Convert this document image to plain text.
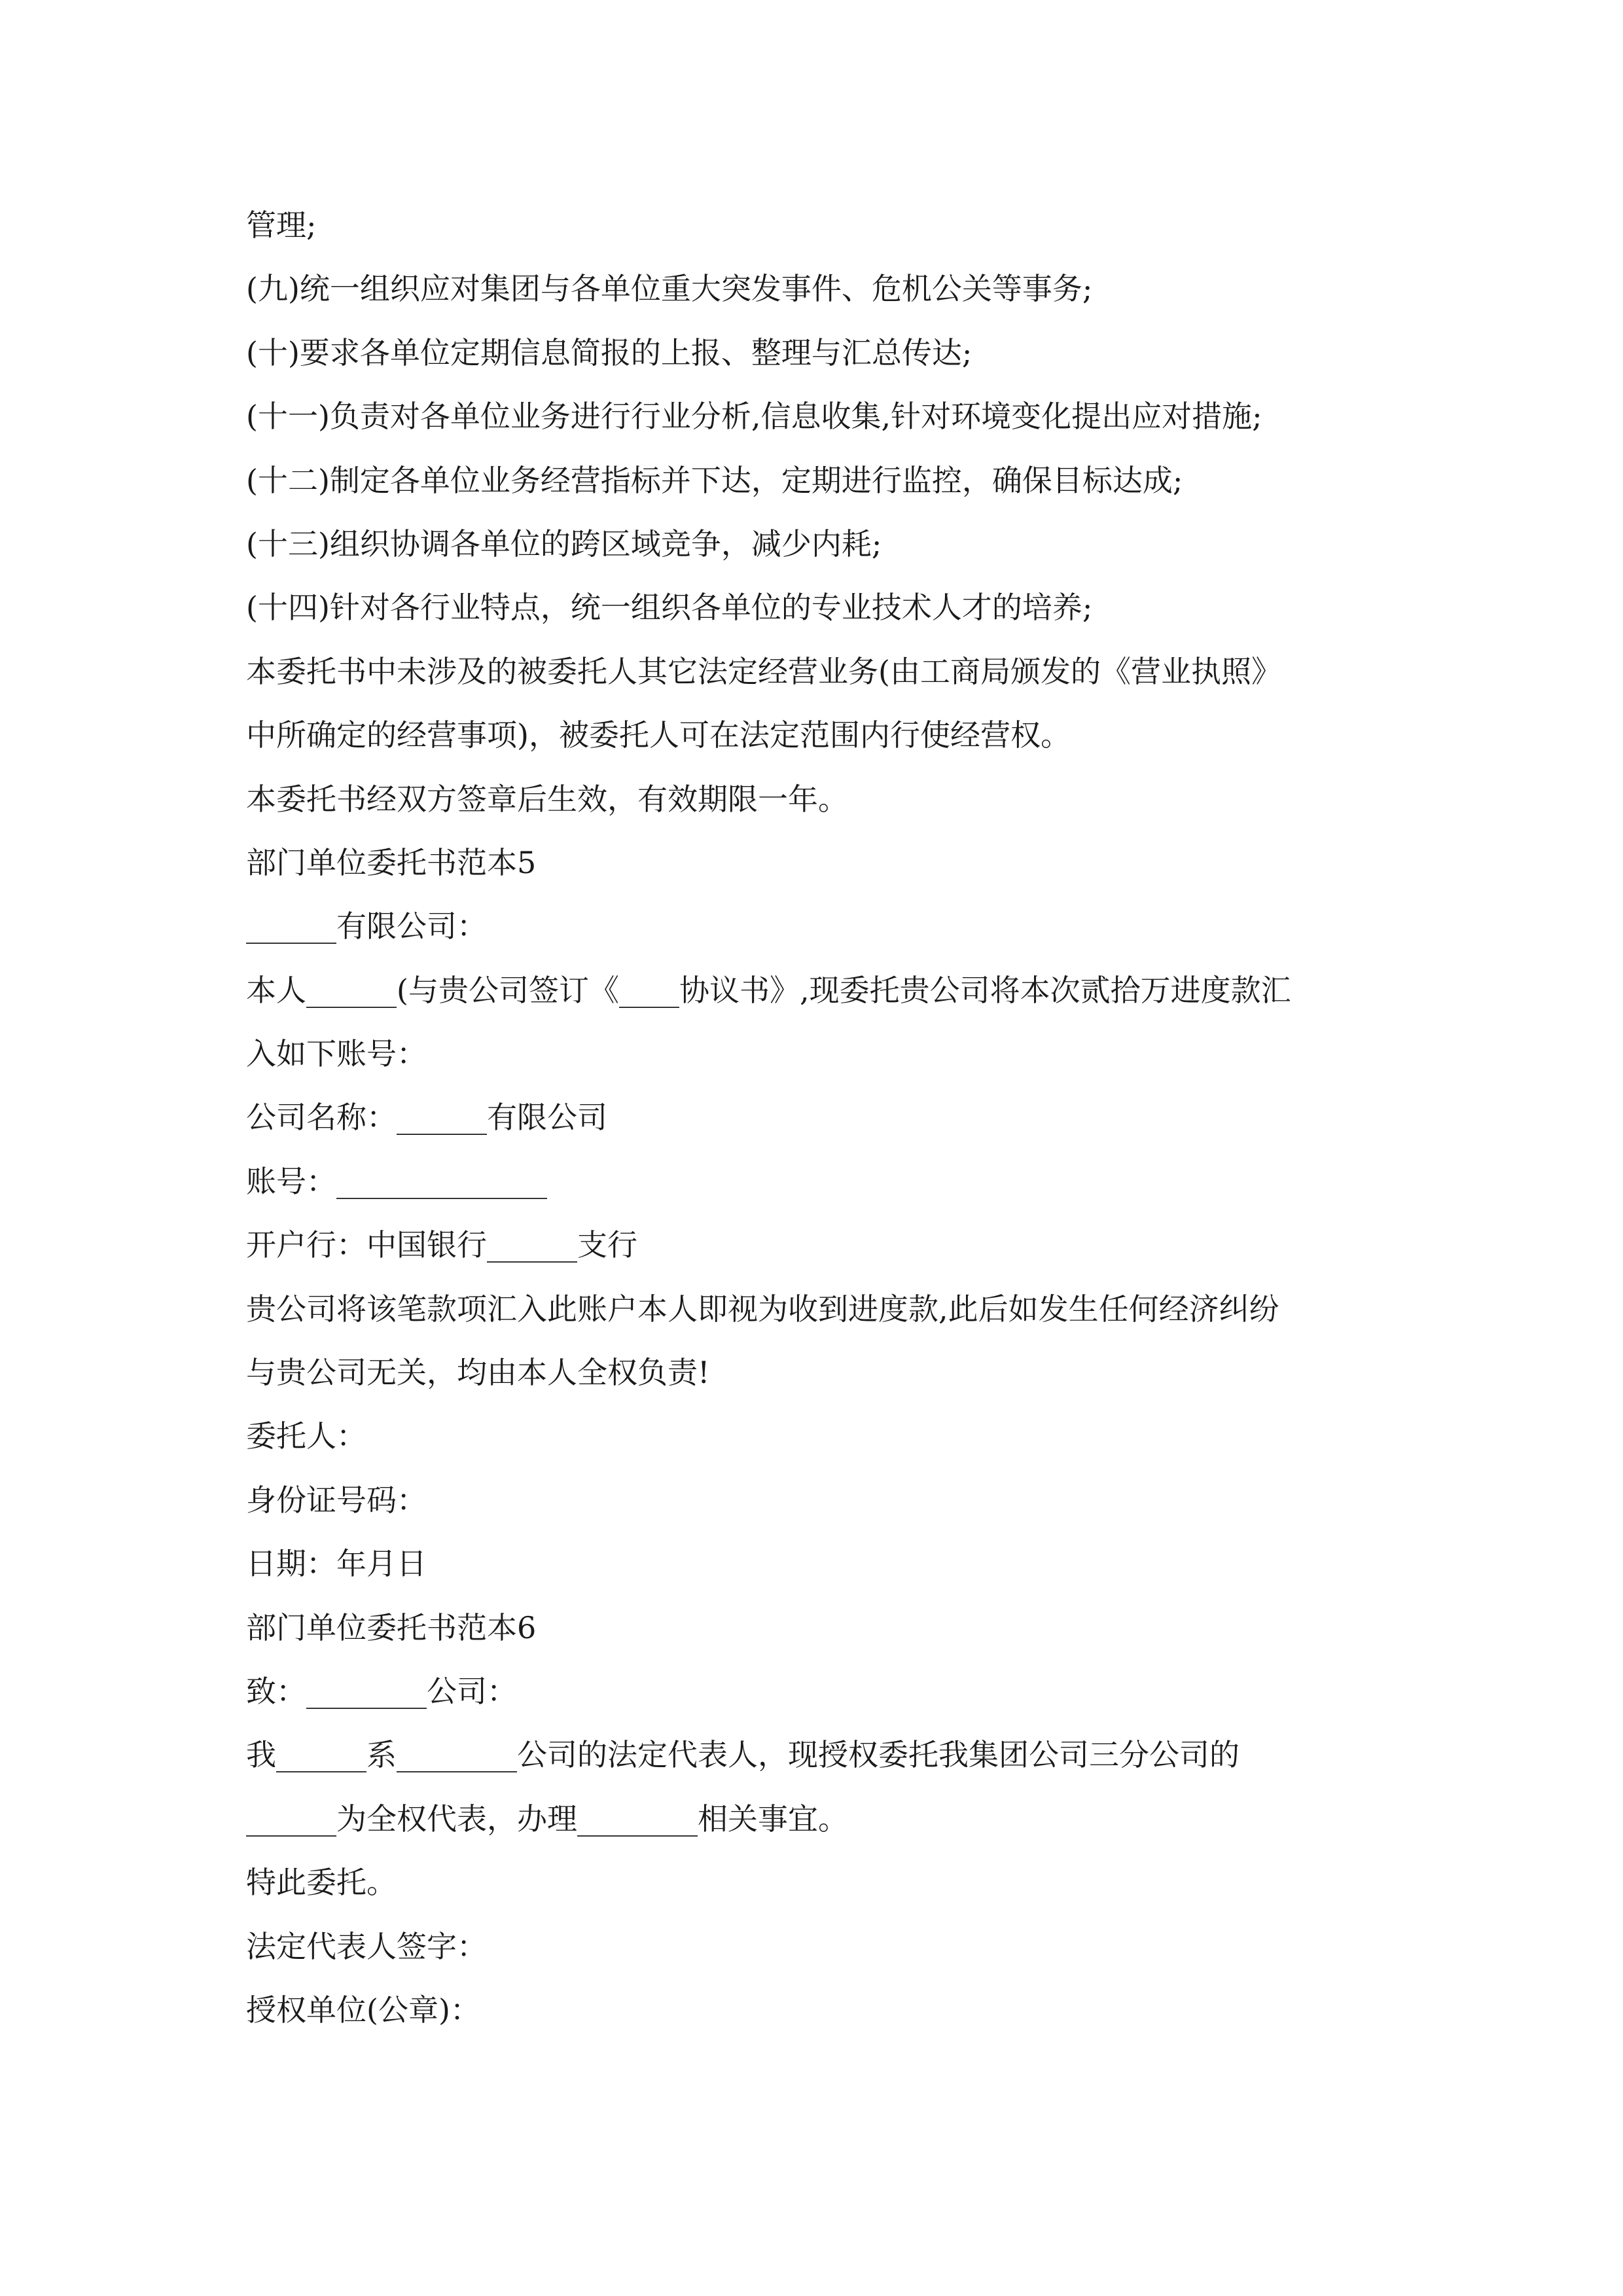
管理;
(九)统一组织应对集团与各单位重大突发事件、危机公关等事务;
(十)要求各单位定期信息简报的上报、整理与汇总传达;
(十一)负责对各单位业务进行行业分析,信息收集,针对环境变化提出应对措施;
(十二)制定各单位业务经营指标并下达，定期进行监控，确保目标达成;
(十三)组织协调各单位的跨区域竞争，减少内耗;
(十四)针对各行业特点，统一组织各单位的专业技术人才的培养;
本委托书中未涉及的被委托人其它法定经营业务(由工商局颁发的《营业执照》
中所确定的经营事项)，被委托人可在法定范围内行使经营权。
本委托书经双方签章后生效，有效期限一年。
部门单位委托书范本5
______有限公司：
本人______(与贵公司签订《____协议书》,现委托贵公司将本次贰拾万进度款汇
入如下账号：
公司名称：______有限公司
账号：______________
开户行：中国银行______支行
贵公司将该笔款项汇入此账户本人即视为收到进度款,此后如发生任何经济纠纷
与贵公司无关，均由本人全权负责!
委托人：
身份证号码：
日期：年月日
部门单位委托书范本6
致：________公司：
我______系________公司的法定代表人，现授权委托我集团公司三分公司的
______为全权代表，办理________相关事宜。
特此委托。
法定代表人签字：
授权单位(公章)：
